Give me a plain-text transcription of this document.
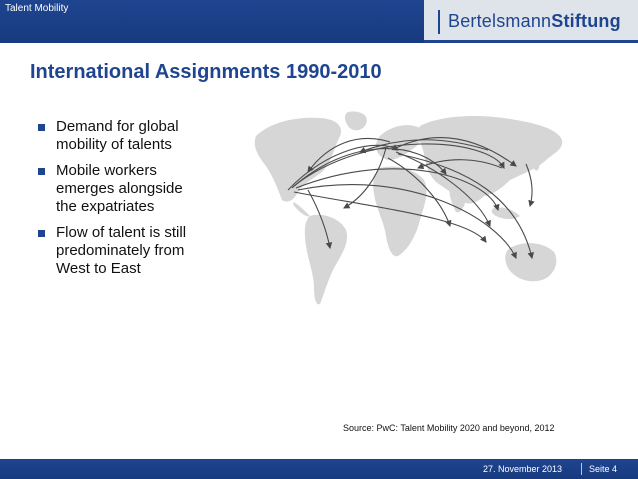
Talent Mobility
BertelsmannStiftung
International Assignments 1990-2010
Demand for global mobility of talents
Mobile workers emerges alongside the expatriates
Flow of talent is still predominately from West to East
Source: PwC: Talent Mobility 2020 and beyond, 2012
27. November 2013	Seite 4
